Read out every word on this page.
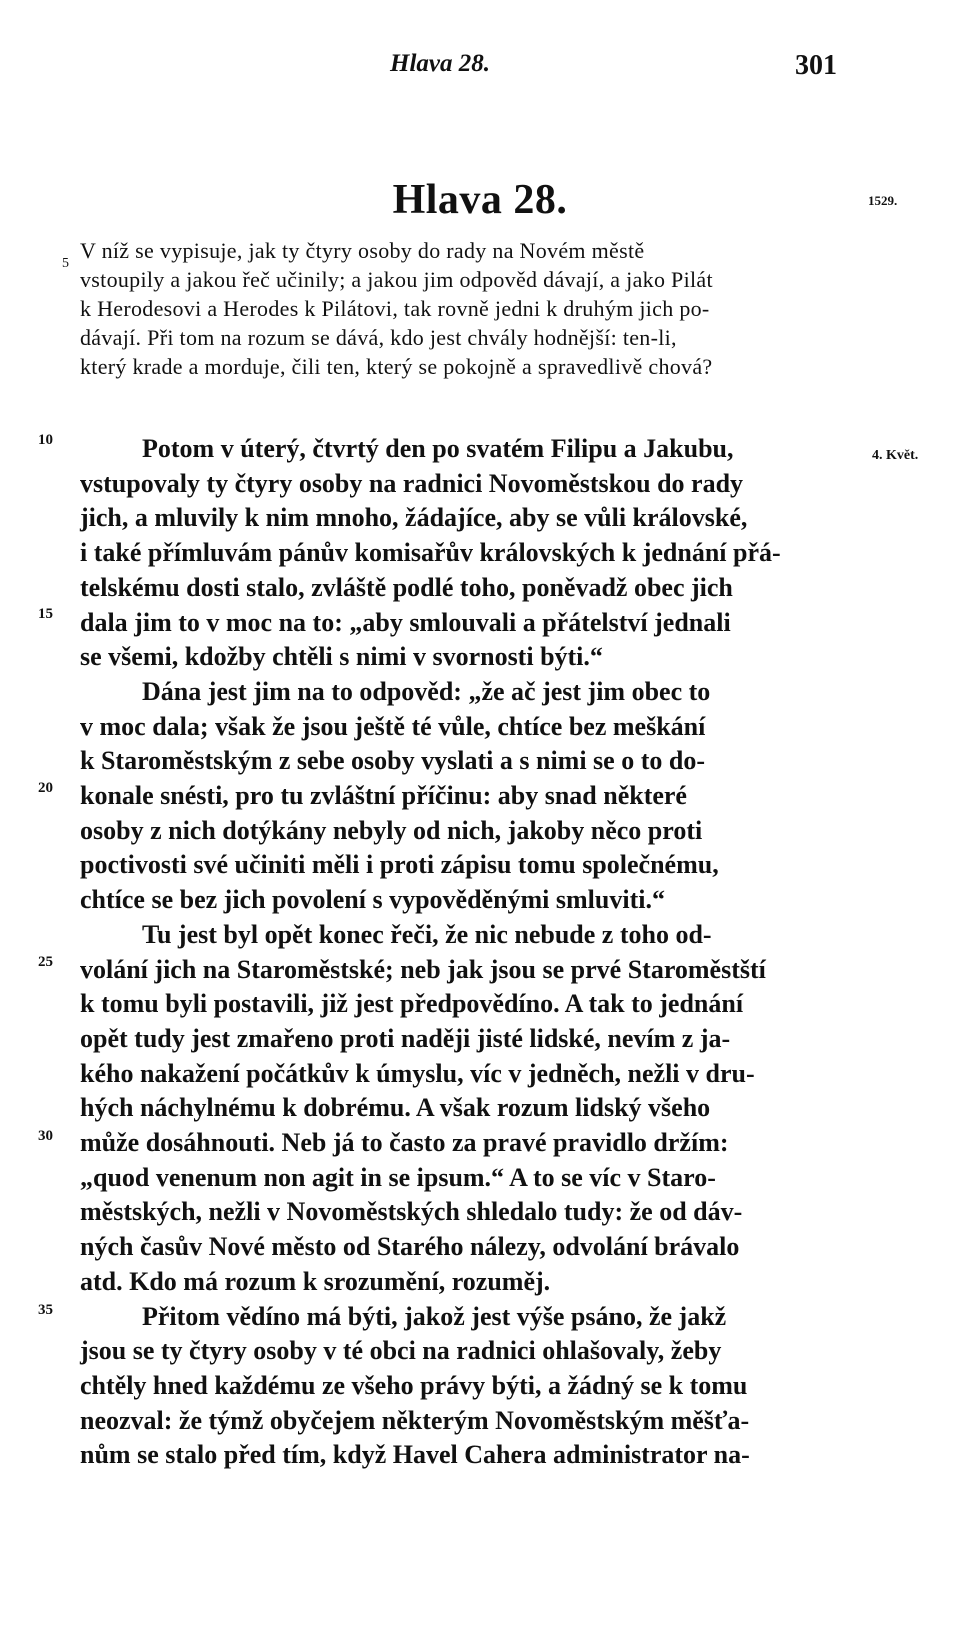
Hlava 28.	301
Hlava 28.	1529.
5
V níž se vypisuje, jak ty čtyry osoby do rady na Novém městě
vstoupily a jakou řeč učinily; a jakou jim odpověd dávají, a jako Pilát
k Herodesovi a Herodes k Pilátovi, tak rovně jedni k druhým jich po-
dávají. Při tom na rozum se dává, kdo jest chvály hodnější: ten-li,
který krade a morduje, čili ten, který se pokojně a spravedlivě chová?
4. Květ.
10
15
20
25
30
35
Potom v úterý, čtvrtý den po svatém Filipu a Jakubu,
vstupovaly ty čtyry osoby na radnici Novoměstskou do rady
jich, a mluvily k nim mnoho, žádajíce, aby se vůli královské,
i také přímluvám pánův komisařův královských k jednání přá-
telskému dosti stalo, zvláště podlé toho, poněvadž obec jich
dala jim to v moc na to: „aby smlouvali a přátelství jednali
se všemi, kdožby chtěli s nimi v svornosti býti.“
Dána jest jim na to odpověd: „že ač jest jim obec to
v moc dala; však že jsou ještě té vůle, chtíce bez meškání
k Staroměstským z sebe osoby vyslati a s nimi se o to do-
konale snésti, pro tu zvláštní příčinu: aby snad některé
osoby z nich dotýkány nebyly od nich, jakoby něco proti
poctivosti své učiniti měli i proti zápisu tomu společnému,
chtíce se bez jich povolení s vypověděnými smluviti.“
Tu jest byl opět konec řeči, že nic nebude z toho od-
volání jich na Staroměstské; neb jak jsou se prvé Staroměstští
k tomu byli postavili, již jest předpovědíno. A tak to jednání
opět tudy jest zmařeno proti naději jisté lidské, nevím z ja-
kého nakažení počátkův k úmyslu, víc v jedněch, nežli v dru-
hých náchylnému k dobrému. A však rozum lidský všeho
může dosáhnouti. Neb já to často za pravé pravidlo držím:
„quod venenum non agit in se ipsum.“ A to se víc v Staro-
městských, nežli v Novoměstských shledalo tudy: že od dáv-
ných časův Nové město od Starého nálezy, odvolání brávalo
atd. Kdo má rozum k srozumění, rozuměj.
Přitom vědíno má býti, jakož jest výše psáno, že jakž
jsou se ty čtyry osoby v té obci na radnici ohlašovaly, žeby
chtěly hned každému ze všeho právy býti, a žádný se k tomu
neozval: že týmž obyčejem některým Novoměstským měšťa-
nům se stalo před tím, když Havel Cahera administrator na-
